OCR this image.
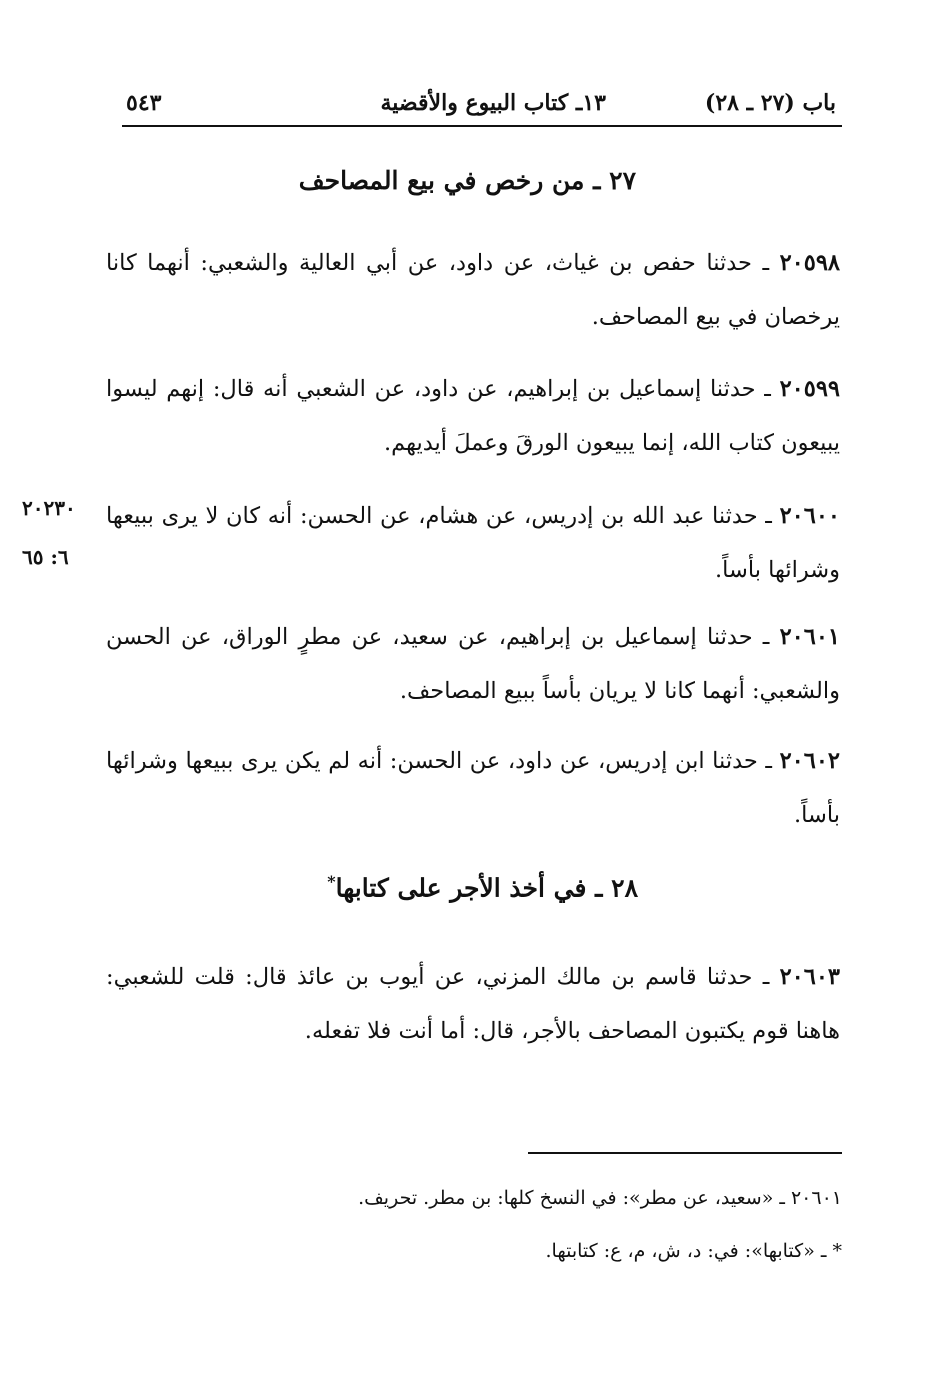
باب (٢٧ ـ ٢٨)
١٣ـ كتاب البيوع والأقضية
٥٤٣
٢٧ ـ من رخص في بيع المصاحف
٢٠٥٩٨ ـ حدثنا حفص بن غياث، عن داود، عن أبي العالية والشعبي: أنهما كانا يرخصان في بيع المصاحف.
٢٠٥٩٩ ـ حدثنا إسماعيل بن إبراهيم، عن داود، عن الشعبي أنه قال: إنهم ليسوا يبيعون كتاب الله، إنما يبيعون الورقَ وعملَ أيديهم.
٢٠٦٠٠ ـ حدثنا عبد الله بن إدريس، عن هشام، عن الحسن: أنه كان لا يرى ببيعها وشرائها بأساً.
٢٠٢٣٠
٦: ٦٥
٢٠٦٠١ ـ حدثنا إسماعيل بن إبراهيم، عن سعيد، عن مطرٍ الوراق، عن الحسن والشعبي: أنهما كانا لا يريان بأساً ببيع المصاحف.
٢٠٦٠٢ ـ حدثنا ابن إدريس، عن داود، عن الحسن: أنه لم يكن يرى ببيعها وشرائها بأساً.
٢٨ ـ في أخذ الأجر على كتابها*
٢٠٦٠٣ ـ حدثنا قاسم بن مالك المزني، عن أيوب بن عائذ قال: قلت للشعبي: هاهنا قوم يكتبون المصاحف بالأجر، قال: أما أنت فلا تفعله.
٢٠٦٠١ ـ «سعيد، عن مطر»: في النسخ كلها: بن مطر. تحريف.
* ـ «كتابها»: في: د، ش، م، ع: كتابتها.
